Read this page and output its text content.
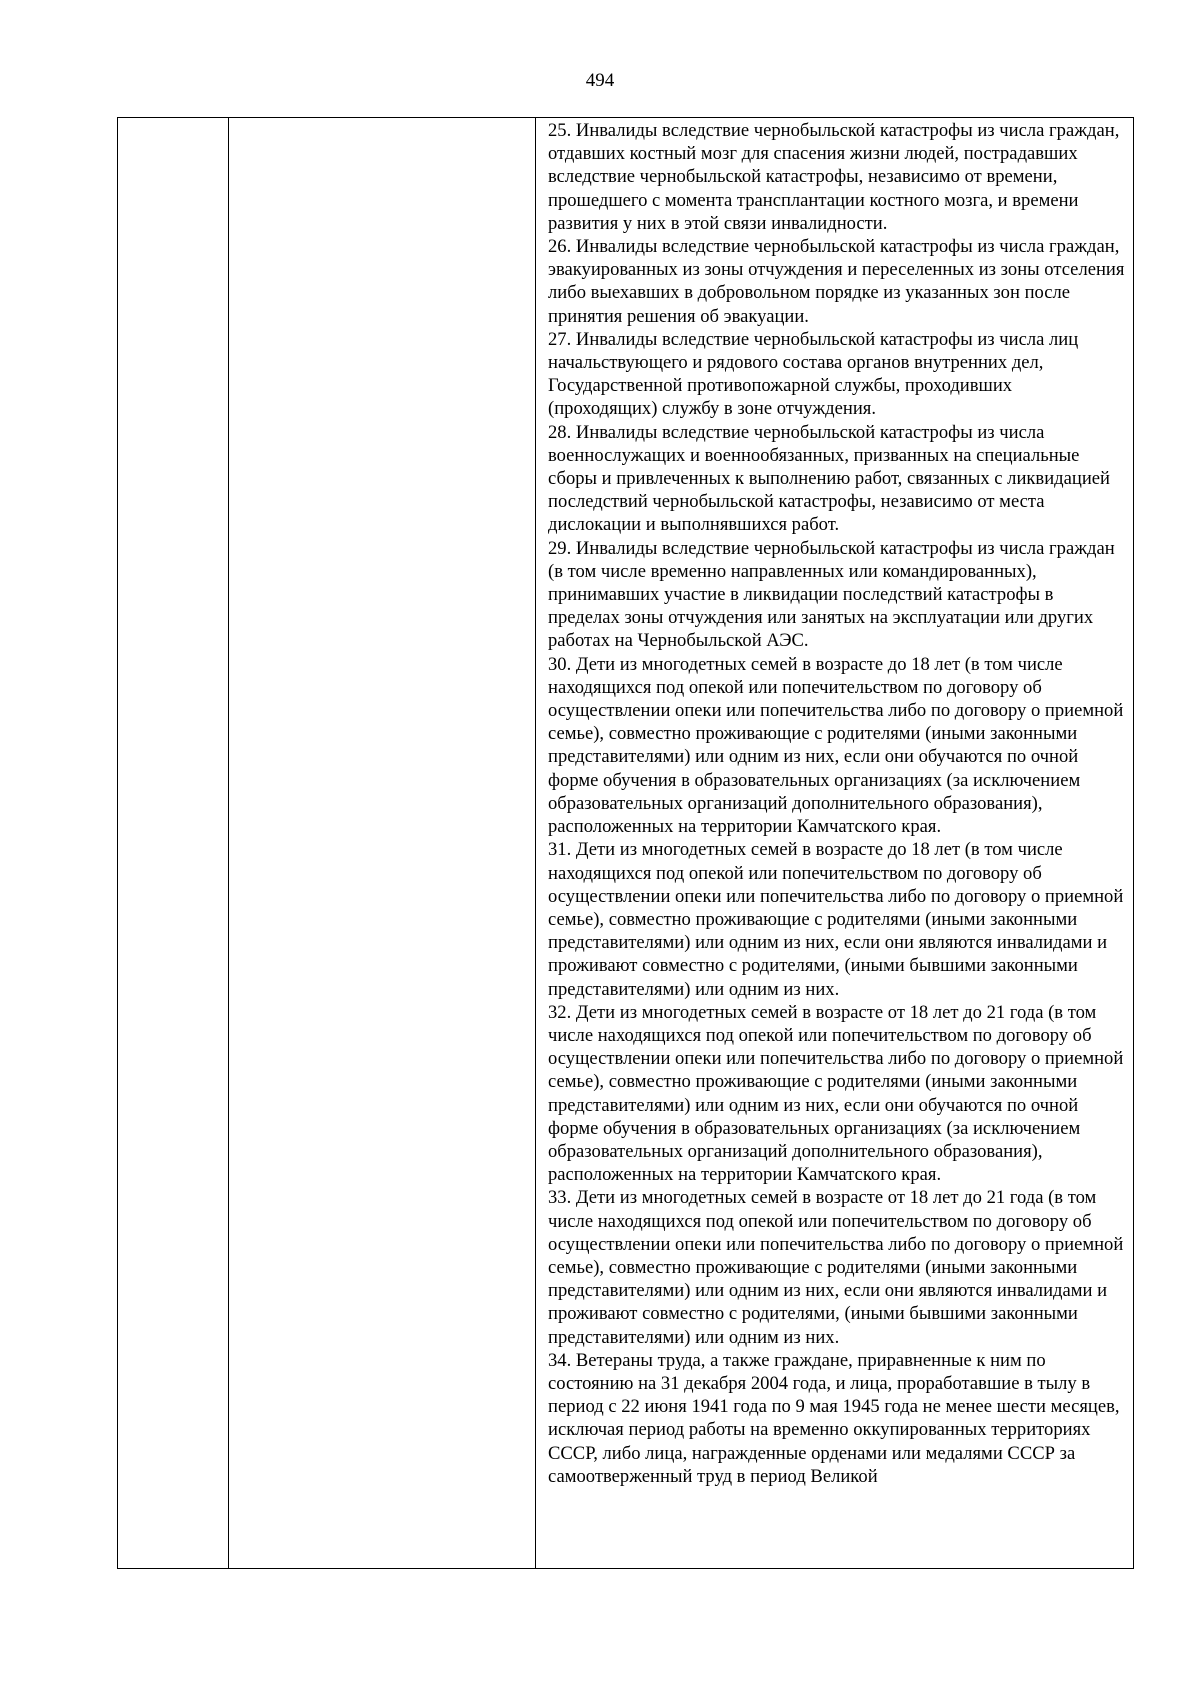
494

25. Инвалиды вследствие чернобыльской катастрофы из числа граждан, отдавших костный мозг для спасения жизни людей, пострадавших вследствие чернобыльской катастрофы, независимо от времени, прошедшего с момента трансплантации костного мозга, и времени развития у них в этой связи инвалидности.

26. Инвалиды вследствие чернобыльской катастрофы из числа граждан, эвакуированных из зоны отчуждения и переселенных из зоны отселения либо выехавших в добровольном порядке из указанных зон после принятия решения об эвакуации.

27. Инвалиды вследствие чернобыльской катастрофы из числа лиц начальствующего и рядового состава органов внутренних дел, Государственной противопожарной службы, проходивших (проходящих) службу в зоне отчуждения.

28. Инвалиды вследствие чернобыльской катастрофы из числа военнослужащих и военнообязанных, призванных на специальные сборы и привлеченных к выполнению работ, связанных с ликвидацией последствий чернобыльской катастрофы, независимо от места дислокации и выполнявшихся работ.

29. Инвалиды вследствие чернобыльской катастрофы из числа граждан (в том числе временно направленных или командированных), принимавших участие в ликвидации последствий катастрофы в пределах зоны отчуждения или занятых на эксплуатации или других работах на Чернобыльской АЭС.

30. Дети из многодетных семей в возрасте до 18 лет (в том числе находящихся под опекой или попечительством по договору об осуществлении опеки или попечительства либо по договору о приемной семье), совместно проживающие с родителями (иными законными представителями) или одним из них, если они обучаются по очной форме обучения в образовательных организациях (за исключением образовательных организаций дополнительного образования), расположенных на территории Камчатского края.

31. Дети из многодетных семей в возрасте до 18 лет (в том числе находящихся под опекой или попечительством по договору об осуществлении опеки или попечительства либо по договору о приемной семье), совместно проживающие с родителями (иными законными представителями) или одним из них, если они являются инвалидами и проживают совместно с родителями, (иными бывшими законными представителями) или одним из них.

32. Дети из многодетных семей в возрасте от 18 лет до 21 года (в том числе находящихся под опекой или попечительством по договору об осуществлении опеки или попечительства либо по договору о приемной семье), совместно проживающие с родителями (иными законными представителями) или одним из них, если они обучаются по очной форме обучения в образовательных организациях (за исключением образовательных организаций дополнительного образования), расположенных на территории Камчатского края.

33. Дети из многодетных семей в возрасте от 18 лет до 21 года (в том числе находящихся под опекой или попечительством по договору об осуществлении опеки или попечительства либо по договору о приемной семье), совместно проживающие с родителями (иными законными представителями) или одним из них, если они являются инвалидами и проживают совместно с родителями, (иными бывшими законными представителями) или одним из них.

34. Ветераны труда, а также граждане, приравненные к ним по состоянию на 31 декабря 2004 года, и лица, проработавшие в тылу в период с 22 июня 1941 года по 9 мая 1945 года не менее шести месяцев, исключая период работы на временно оккупированных территориях СССР, либо лица, награжденные орденами или медалями СССР за самоотверженный труд в период Великой
